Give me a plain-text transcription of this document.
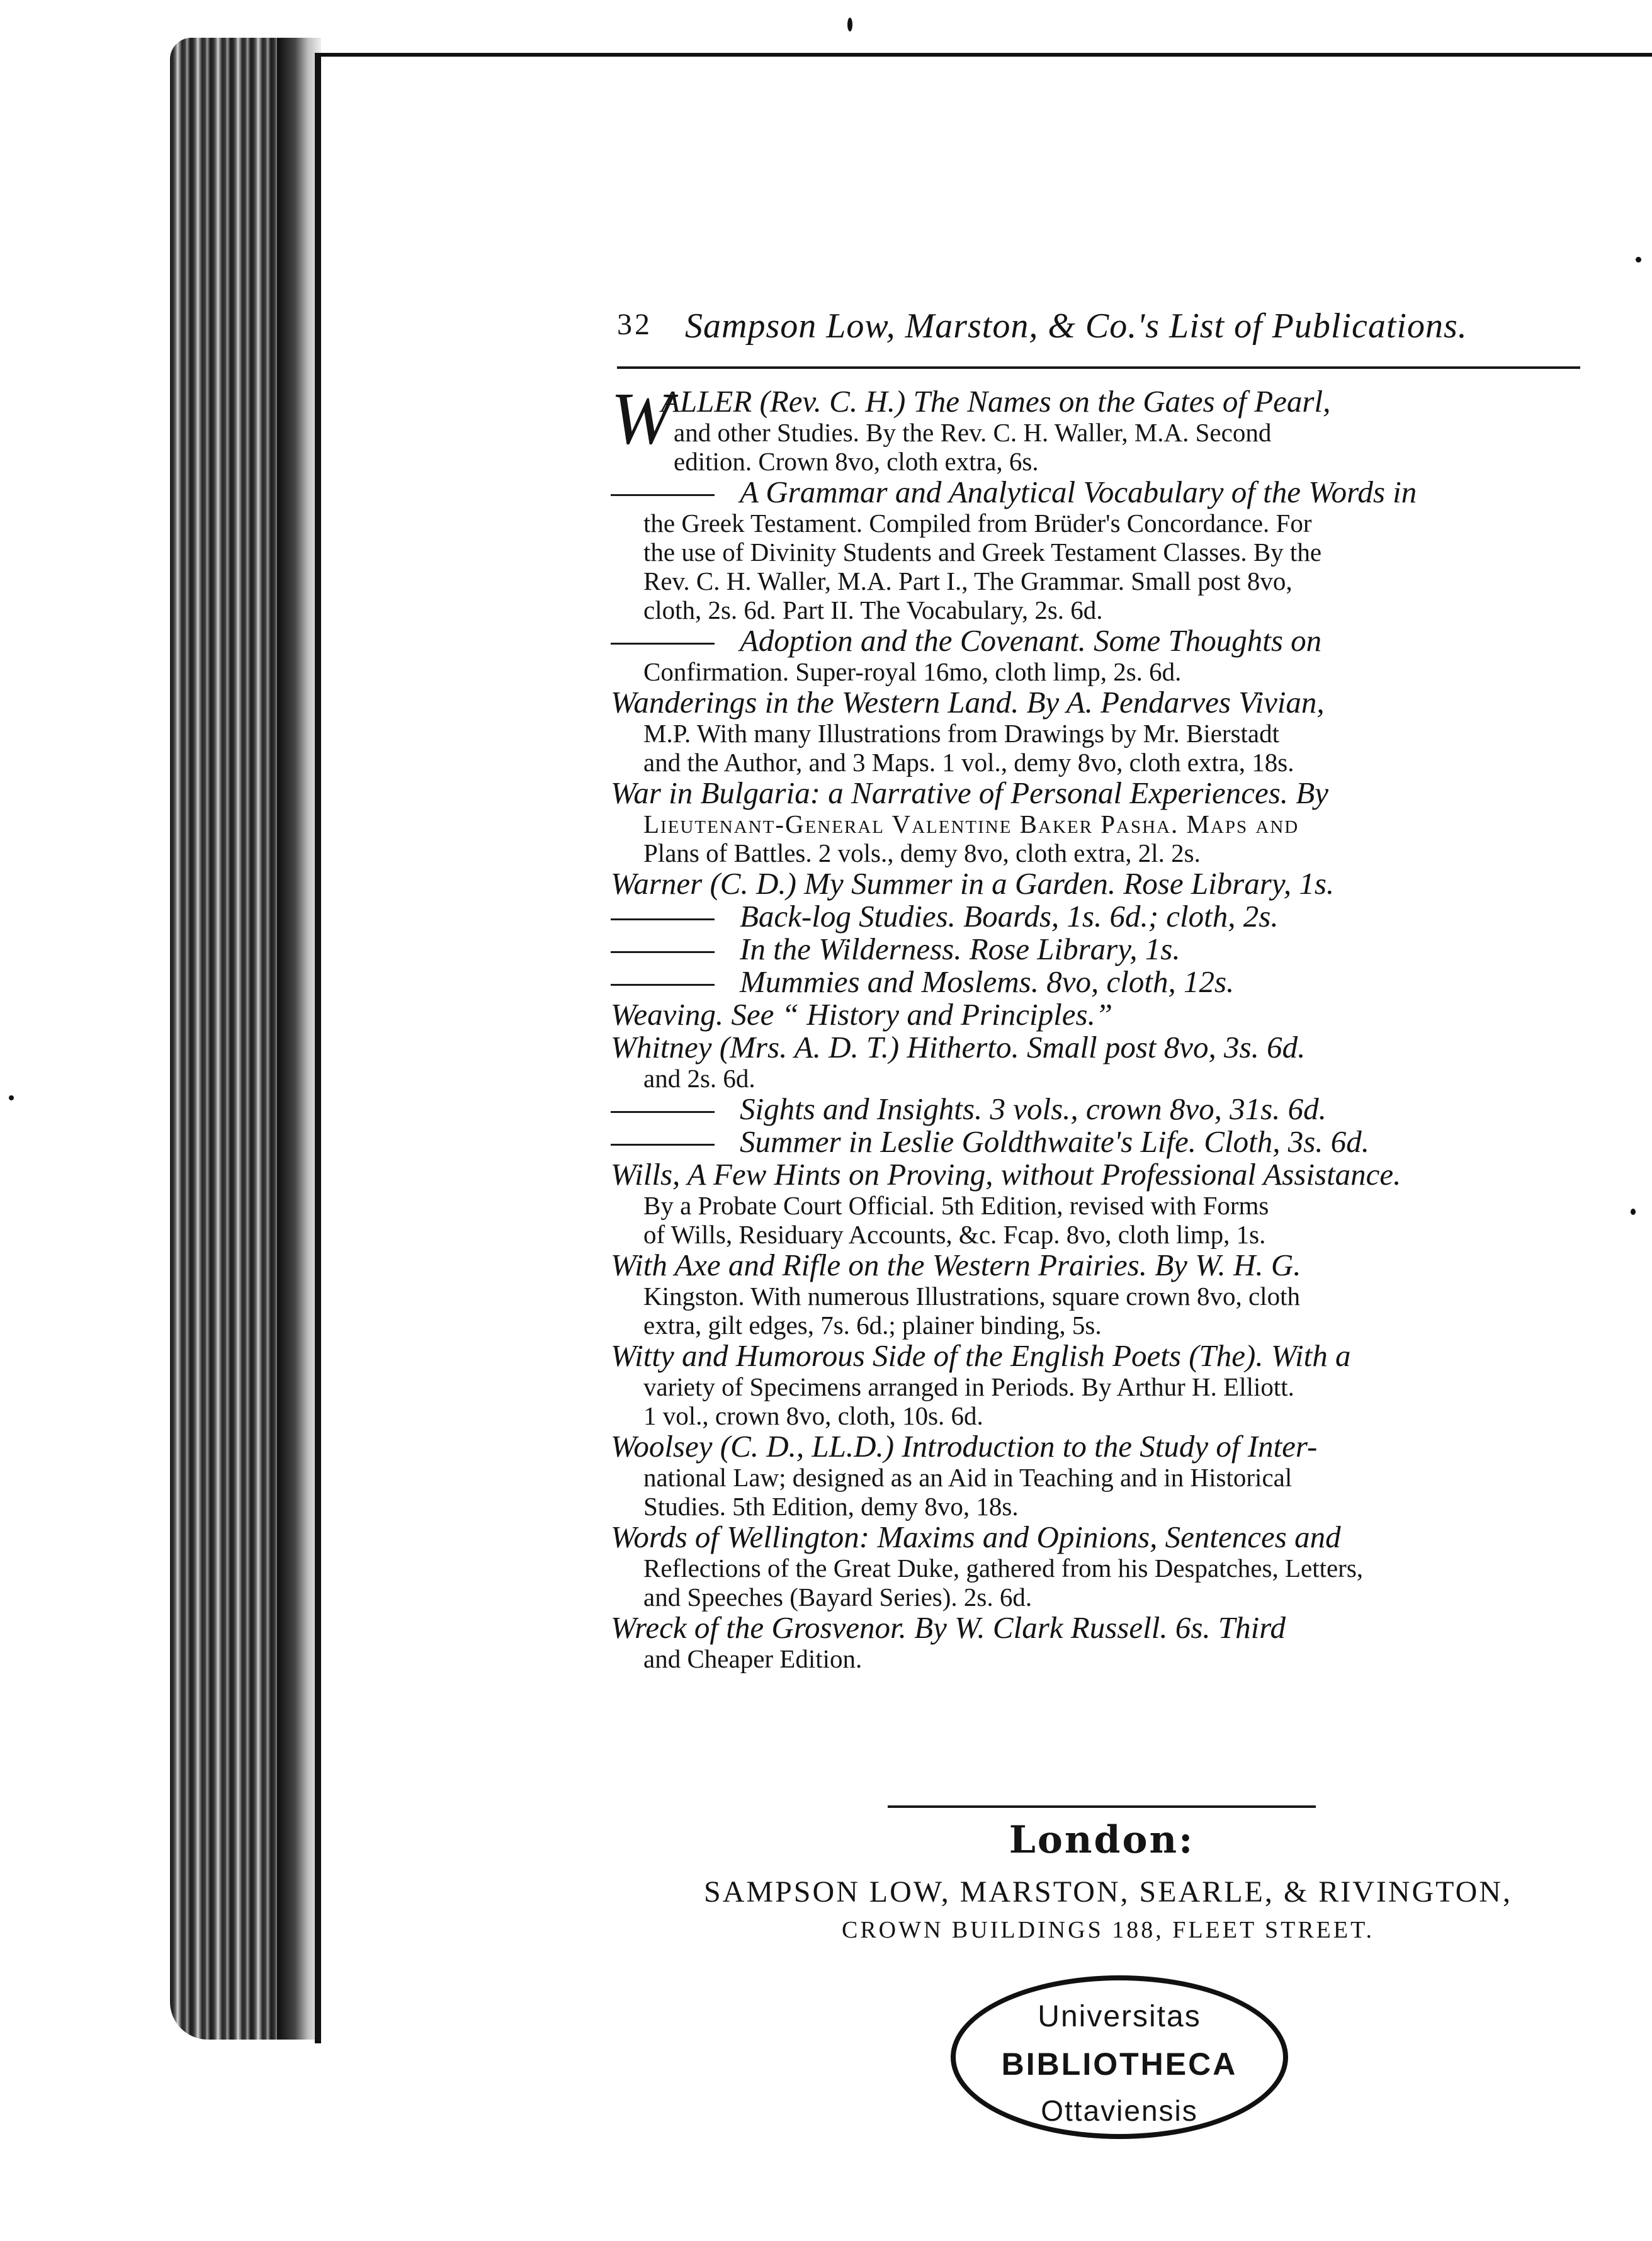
32 Sampson Low, Marston, & Co.'s List of Publications.
W
ALLER (Rev. C. H.) The Names on the Gates of Pearl,
and other Studies. By the Rev. C. H. Waller, M.A. Second
edition. Crown 8vo, cloth extra, 6s.
A Grammar and Analytical Vocabulary of the Words in
the Greek Testament. Compiled from Brüder's Concordance. For
the use of Divinity Students and Greek Testament Classes. By the
Rev. C. H. Waller, M.A. Part I., The Grammar. Small post 8vo,
cloth, 2s. 6d. Part II. The Vocabulary, 2s. 6d.
Adoption and the Covenant. Some Thoughts on
Confirmation. Super-royal 16mo, cloth limp, 2s. 6d.
Wanderings in the Western Land. By A. Pendarves Vivian,
M.P. With many Illustrations from Drawings by Mr. Bierstadt
and the Author, and 3 Maps. 1 vol., demy 8vo, cloth extra, 18s.
War in Bulgaria: a Narrative of Personal Experiences. By
Lieutenant-General Valentine Baker Pasha. Maps and
Plans of Battles. 2 vols., demy 8vo, cloth extra, 2l. 2s.
Warner (C. D.) My Summer in a Garden. Rose Library, 1s.
Back-log Studies. Boards, 1s. 6d.; cloth, 2s.
In the Wilderness. Rose Library, 1s.
Mummies and Moslems. 8vo, cloth, 12s.
Weaving. See “ History and Principles.”
Whitney (Mrs. A. D. T.) Hitherto. Small post 8vo, 3s. 6d.
and 2s. 6d.
Sights and Insights. 3 vols., crown 8vo, 31s. 6d.
Summer in Leslie Goldthwaite's Life. Cloth, 3s. 6d.
Wills, A Few Hints on Proving, without Professional Assistance.
By a Probate Court Official. 5th Edition, revised with Forms
of Wills, Residuary Accounts, &c. Fcap. 8vo, cloth limp, 1s.
With Axe and Rifle on the Western Prairies. By W. H. G.
Kingston. With numerous Illustrations, square crown 8vo, cloth
extra, gilt edges, 7s. 6d.; plainer binding, 5s.
Witty and Humorous Side of the English Poets (The). With a
variety of Specimens arranged in Periods. By Arthur H. Elliott.
1 vol., crown 8vo, cloth, 10s. 6d.
Woolsey (C. D., LL.D.) Introduction to the Study of Inter-
national Law; designed as an Aid in Teaching and in Historical
Studies. 5th Edition, demy 8vo, 18s.
Words of Wellington: Maxims and Opinions, Sentences and
Reflections of the Great Duke, gathered from his Despatches, Letters,
and Speeches (Bayard Series). 2s. 6d.
Wreck of the Grosvenor. By W. Clark Russell. 6s. Third
and Cheaper Edition.
London:
SAMPSON LOW, MARSTON, SEARLE, & RIVINGTON,
CROWN BUILDINGS 188, FLEET STREET.
Universitas
BIBLIOTHECA
Ottaviensis
